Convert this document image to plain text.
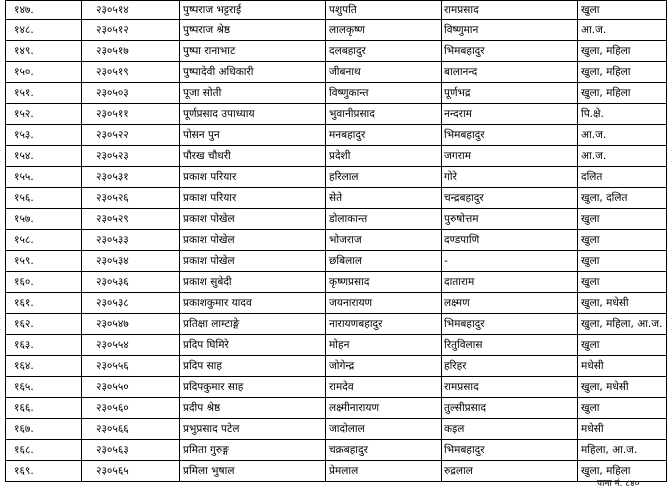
१४७.	२३०५१४	पुष्पराज भट्टराई	पशुपति	रामप्रसाद	खुला
१४८.	२३०५१२	पुष्पराज श्रेष्ठ	लालकृष्ण	विष्णुमान	आ.ज.
१४९.	२३०५१७	पुष्पा रानाभाट	दलबहादुर	भिमबहादुर	खुला, महिला
१५०.	२३०५१९	पुष्पादेवी अधिकारी	जीबनाथ	बालानन्द	खुला, महिला
१५१.	२३०५०३	पूजा सोती	विष्णुकान्त	पूर्णभद्र	खुला, महिला
१५२.	२३०५११	पूर्णप्रसाद उपाध्याय	भुवानीप्रसाद	नन्दराम	पि.क्षे.
१५३.	२३०५२२	पोसन पुन	मनबहादुर	भिमबहादुर	आ.ज.
१५४.	२३०५२३	पौरख चौधरी	प्रदेशी	जगराम	आ.ज.
१५५.	२३०५३१	प्रकाश परियार	हरिलाल	गोरे	दलित
१५६.	२३०५२६	प्रकाश परियार	सेते	चन्द्रबहादुर	खुला, दलित
१५७.	२३०५२९	प्रकाश पोखेल	डोलाकान्त	पुरुषोत्तम	खुला
१५८.	२३०५३३	प्रकाश पोखेल	भोजराज	दण्डपाणि	खुला
१५९.	२३०५३४	प्रकाश पोखेल	छबिलाल	-	खुला
१६०.	२३०५३६	प्रकाश सुबेदी	कृष्णप्रसाद	दाताराम	खुला
१६१.	२३०५३८	प्रकाशकुमार यादव	जयनारायण	लक्ष्मण	खुला, मधेसी
१६२.	२३०५४७	प्रतिक्षा लाम्टाङ्गे	नारायणबहादुर	भिमबहादुर	खुला, महिला, आ.ज.
१६३.	२३०५५४	प्रदिप घिमिरे	मोहन	रितुविलास	खुला
१६४.	२३०५५६	प्रदिप साह	जोगेन्द्र	हरिहर	मधेसी
१६५.	२३०५५०	प्रदिपकुमार साह	रामदेव	रामप्रसाद	खुला, मधेसी
१६६.	२३०५६०	प्रदीप श्रेष्ठ	लक्ष्मीनारायण	तुल्सीप्रसाद	खुला
१६७.	२३०५६६	प्रभुप्रसाद पटेल	जादोलाल	कइल	मधेसी
१६८.	२३०५६३	प्रमिता गुरुङ्ग	चक्रबहादुर	भिमबहादुर	महिला, आ.ज.
१६९.	२३०५६५	प्रमिला भुषाल	प्रेमलाल	रुद्रलाल	खुला, महिला
पाना नं. ८४०
